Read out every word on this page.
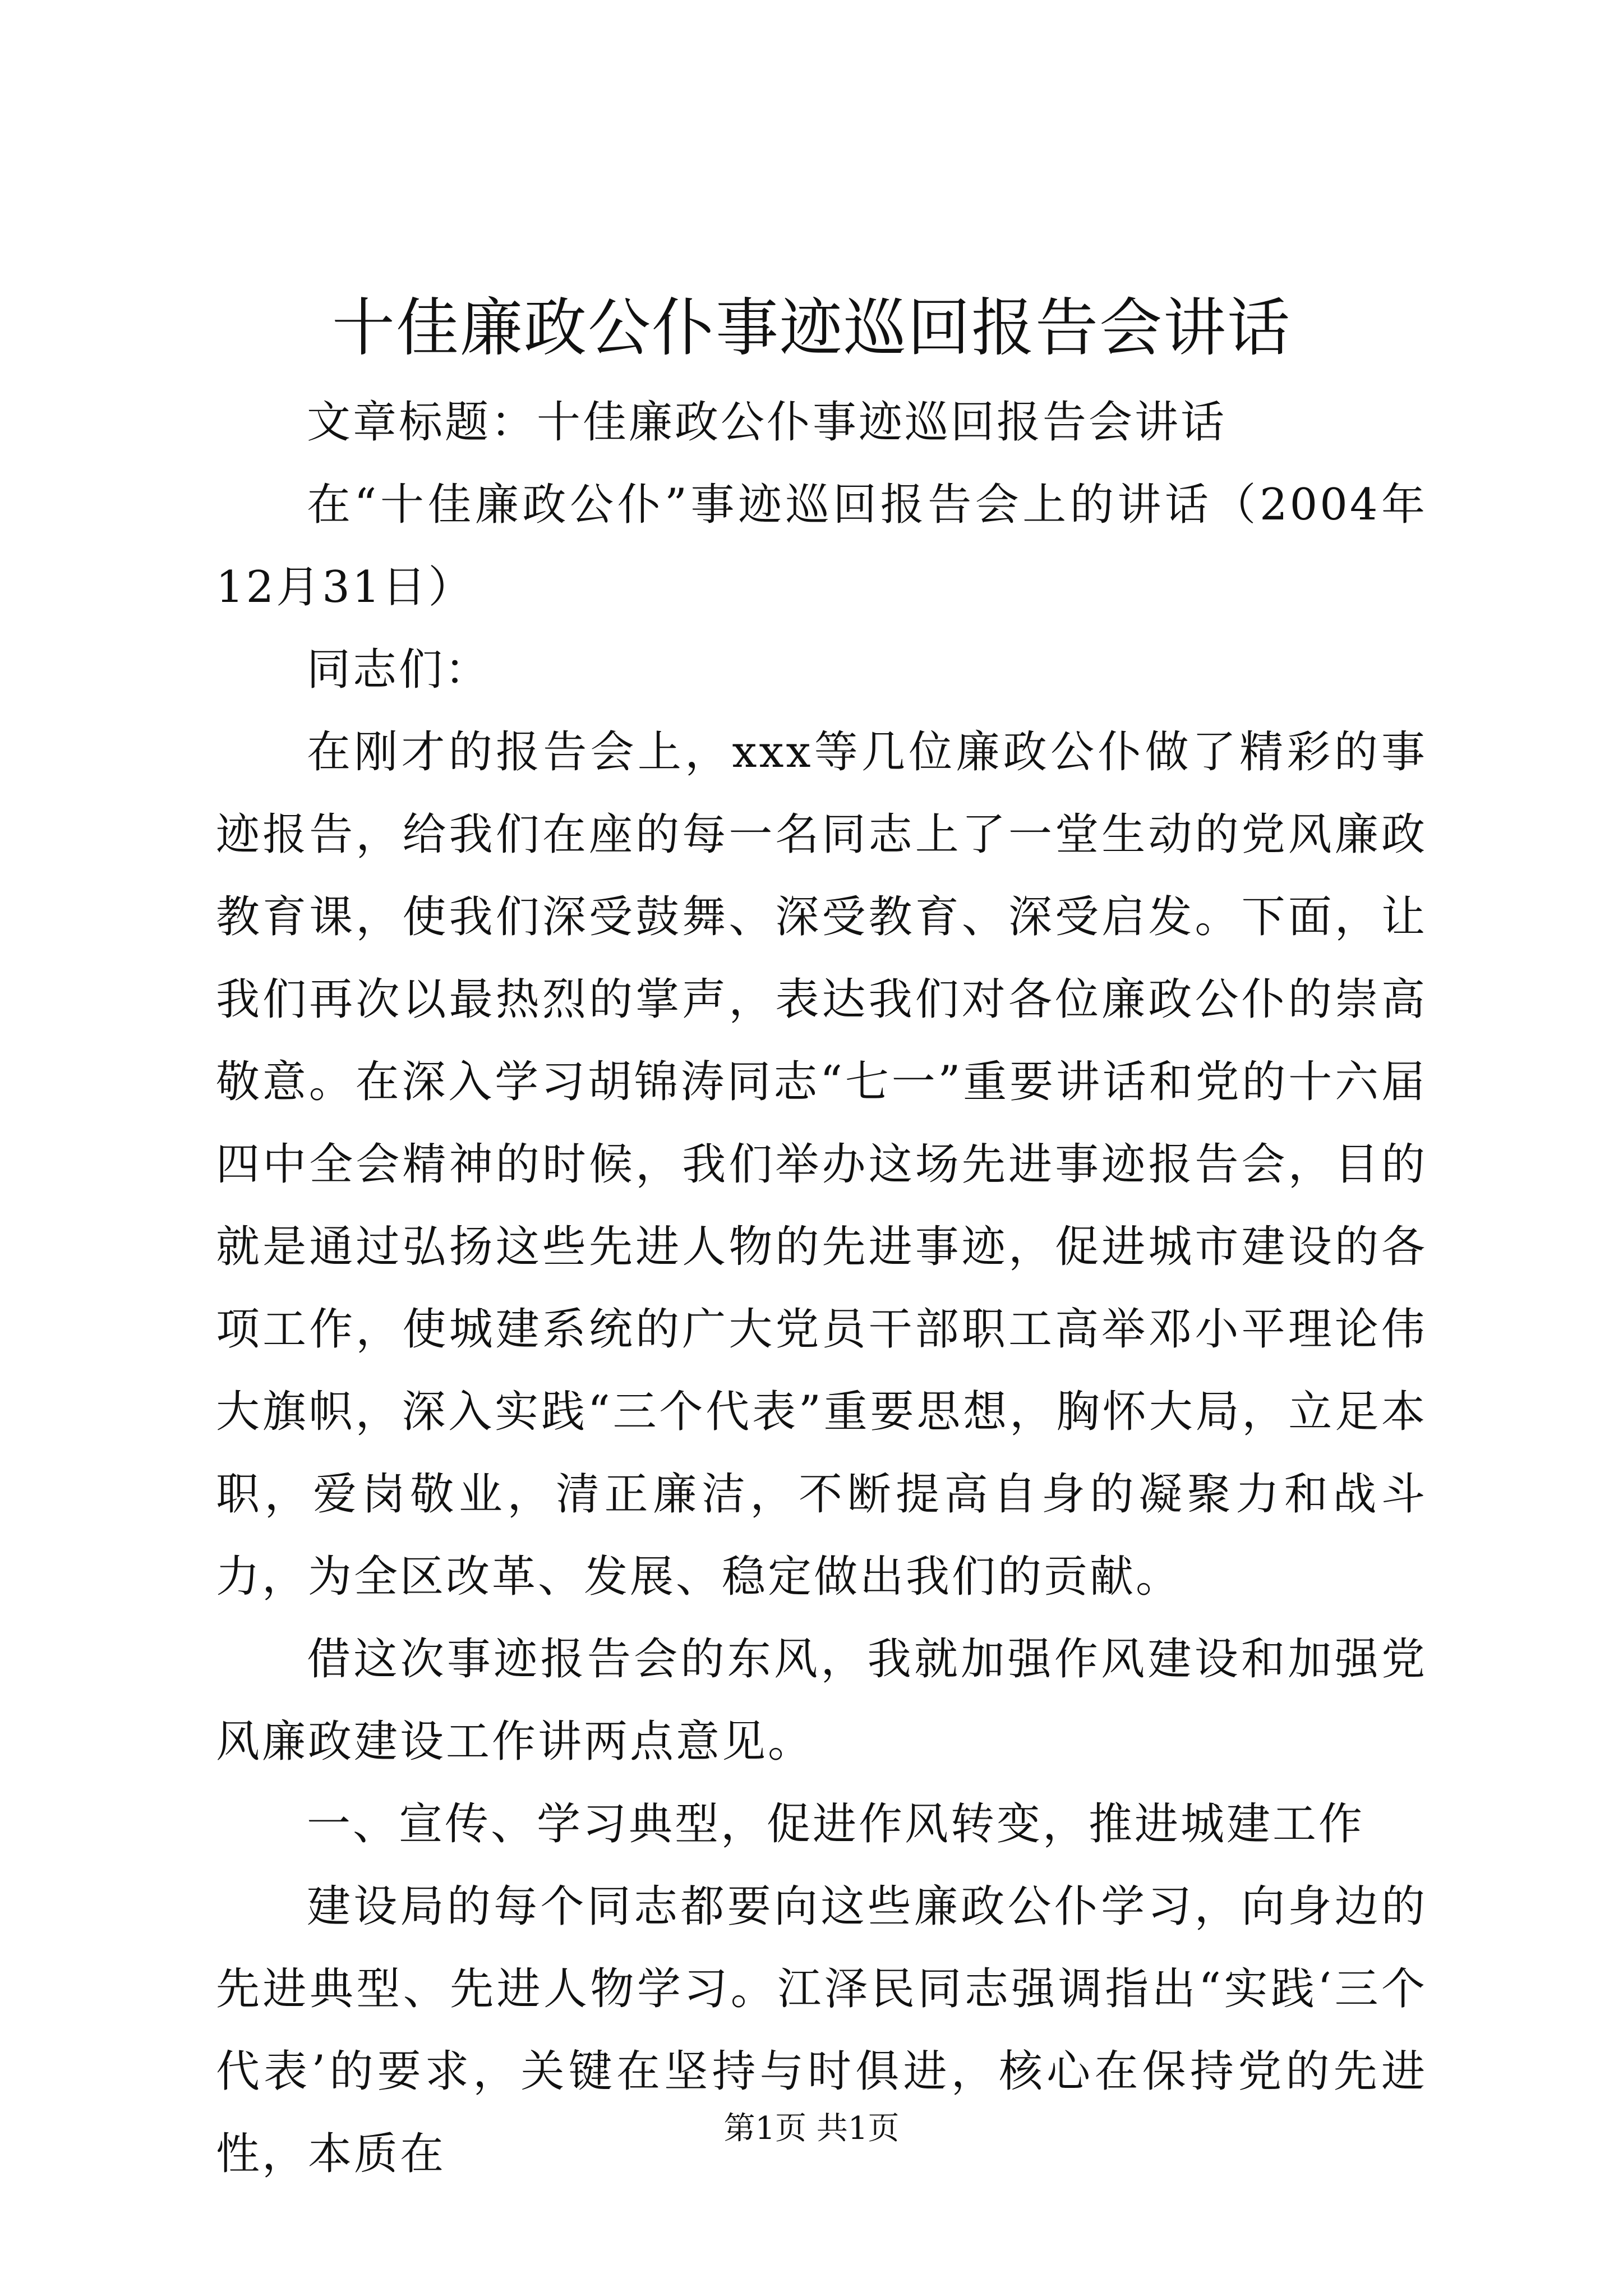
十佳廉政公仆事迹巡回报告会讲话

文章标题：十佳廉政公仆事迹巡回报告会讲话

在“十佳廉政公仆”事迹巡回报告会上的讲话（2004年12月31日）

同志们：

在刚才的报告会上，xxx等几位廉政公仆做了精彩的事迹报告，给我们在座的每一名同志上了一堂生动的党风廉政教育课，使我们深受鼓舞、深受教育、深受启发。下面，让我们再次以最热烈的掌声，表达我们对各位廉政公仆的崇高敬意。在深入学习胡锦涛同志“七一”重要讲话和党的十六届四中全会精神的时候，我们举办这场先进事迹报告会，目的就是通过弘扬这些先进人物的先进事迹，促进城市建设的各项工作，使城建系统的广大党员干部职工高举邓小平理论伟大旗帜，深入实践“三个代表”重要思想，胸怀大局，立足本职，爱岗敬业，清正廉洁，不断提高自身的凝聚力和战斗力，为全区改革、发展、稳定做出我们的贡献。

借这次事迹报告会的东风，我就加强作风建设和加强党风廉政建设工作讲两点意见。

一、宣传、学习典型，促进作风转变，推进城建工作

建设局的每个同志都要向这些廉政公仆学习，向身边的先进典型、先进人物学习。江泽民同志强调指出“实践‘三个代表’的要求，关键在坚持与时俱进，核心在保持党的先进性，本质在

第1页 共1页
